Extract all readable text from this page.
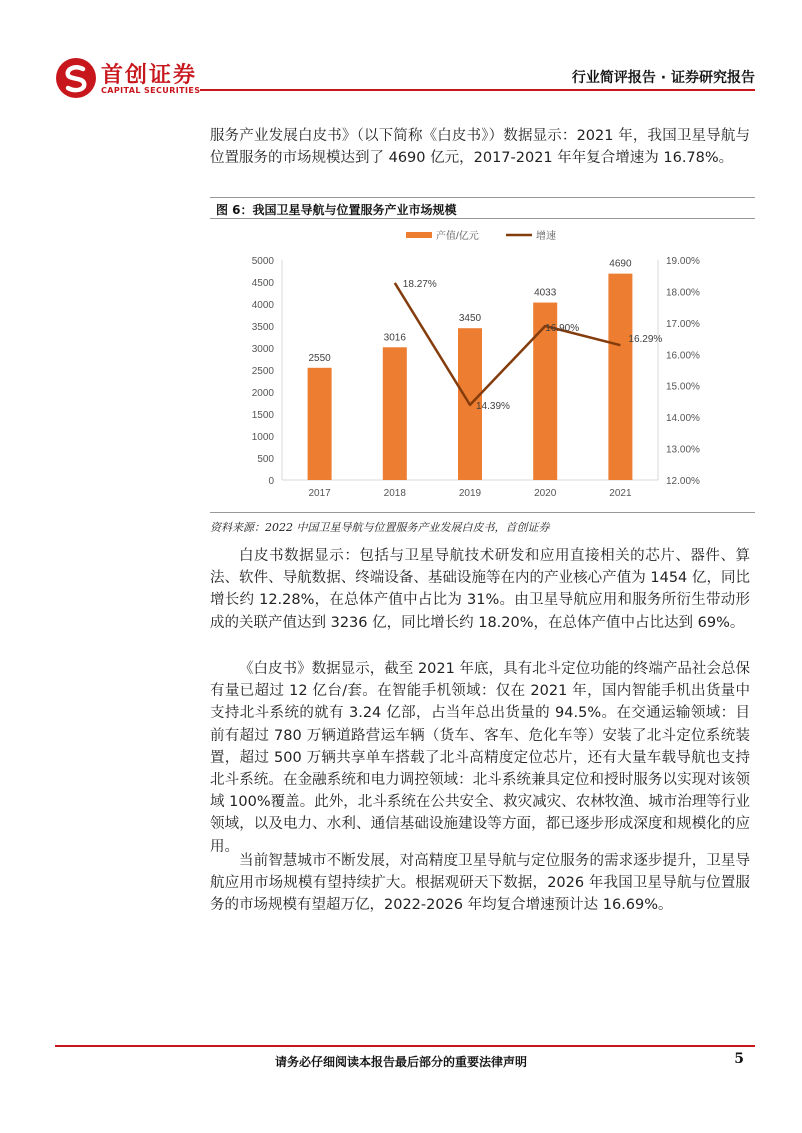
首创证券
CAPITAL SECURITIES
行业简评报告 · 证券研究报告

服务产业发展白皮书》（以下简称《白皮书》）数据显示：2021 年，我国卫星导航与位置服务的市场规模达到了 4690 亿元，2017-2021 年年复合增速为 16.78%。

图 6：我国卫星导航与位置服务产业市场规模
产值/亿元	增速
0
500
1000
1500
2000
2500
3000
3500
4000
4500
5000
12.00%
13.00%
14.00%
15.00%
16.00%
17.00%
18.00%
19.00%
2017	2018	2019	2020	2021
2550
3016
3450
4033
4690
18.27%
14.39%
16.90%
16.29%
资料来源：2022 中国卫星导航与位置服务产业发展白皮书，首创证券

白皮书数据显示：包括与卫星导航技术研发和应用直接相关的芯片、器件、算法、软件、导航数据、终端设备、基础设施等在内的产业核心产值为 1454 亿，同比增长约 12.28%，在总体产值中占比为 31%。由卫星导航应用和服务所衍生带动形成的关联产值达到 3236 亿，同比增长约 18.20%，在总体产值中占比达到 69%。

《白皮书》数据显示，截至 2021 年底，具有北斗定位功能的终端产品社会总保有量已超过 12 亿台/套。在智能手机领域：仅在 2021 年，国内智能手机出货量中支持北斗系统的就有 3.24 亿部，占当年总出货量的 94.5%。在交通运输领域：目前有超过 780 万辆道路营运车辆（货车、客车、危化车等）安装了北斗定位系统装置，超过 500 万辆共享单车搭载了北斗高精度定位芯片，还有大量车载导航也支持北斗系统。在金融系统和电力调控领域：北斗系统兼具定位和授时服务以实现对该领域 100%覆盖。此外，北斗系统在公共安全、救灾减灾、农林牧渔、城市治理等行业领域，以及电力、水利、通信基础设施建设等方面，都已逐步形成深度和规模化的应用。

当前智慧城市不断发展，对高精度卫星导航与定位服务的需求逐步提升，卫星导航应用市场规模有望持续扩大。根据观研天下数据，2026 年我国卫星导航与位置服务的市场规模有望超万亿，2022-2026 年均复合增速预计达 16.69%。

请务必仔细阅读本报告最后部分的重要法律声明	5
